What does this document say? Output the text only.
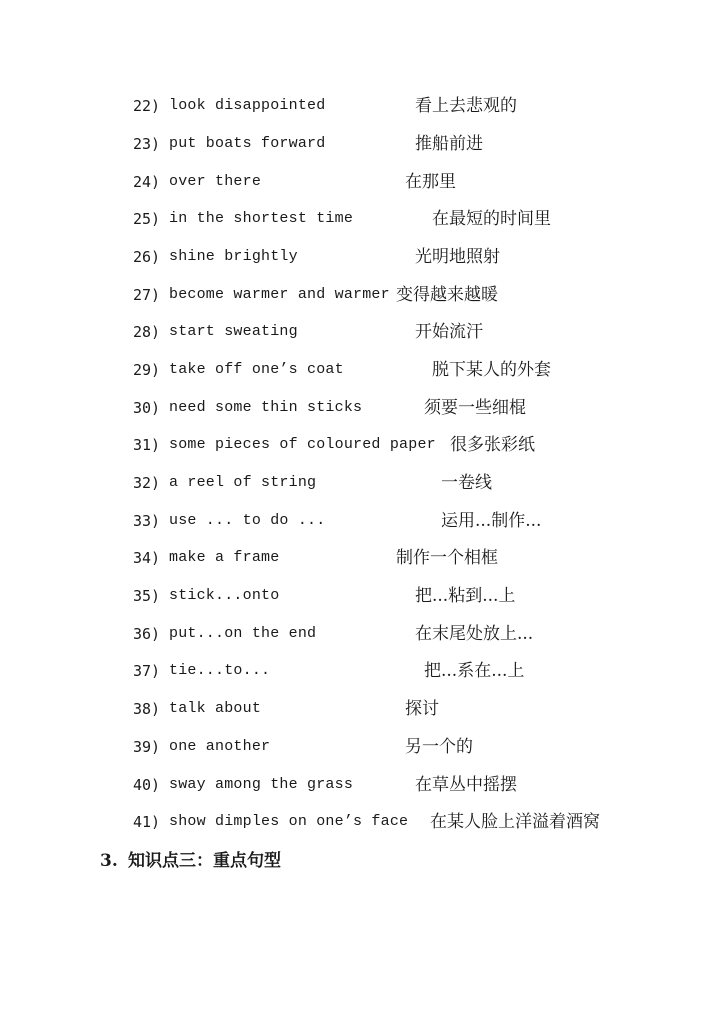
22) look disappointed	看上去悲观的
23) put boats forward	推船前进
24) over there	在那里
25) in the shortest time	在最短的时间里
26) shine brightly	光明地照射
27) become warmer and warmer 变得越来越暖
28) start sweating	开始流汗
29) take off one’s coat	脱下某人的外套
30) need some thin sticks	须要一些细棍
31) some pieces of coloured paper 很多张彩纸
32) a reel of string	一卷线
33) use ... to do ...	运用...制作...
34) make a frame	制作一个相框
35) stick...onto	把...粘到...上
36) put...on the end	在末尾处放上...
37) tie...to...	把...系在...上
38) talk about	探讨
39) one another	另一个的
40) sway among the grass	在草丛中摇摆
41) show dimples on one’s face 在某人脸上洋溢着酒窝
3. 知识点三：重点句型
